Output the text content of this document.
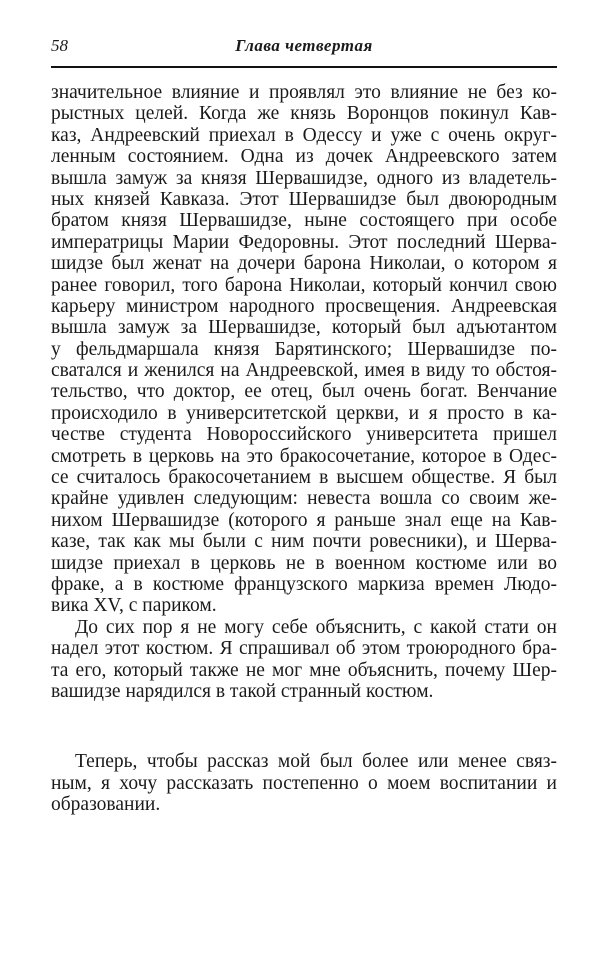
58	Глава четвертая
значительное влияние и проявлял это влияние не без ко-
рыстных целей. Когда же князь Воронцов покинул Кав-
каз, Андреевский приехал в Одессу и уже с очень округ-
ленным состоянием. Одна из дочек Андреевского затем
вышла замуж за князя Шервашидзе, одного из владетель-
ных князей Кавказа. Этот Шервашидзе был двоюродным
братом князя Шервашидзе, ныне состоящего при особе
императрицы Марии Федоровны. Этот последний Шерва-
шидзе был женат на дочери барона Николаи, о котором я
ранее говорил, того барона Николаи, который кончил свою
карьеру министром народного просвещения. Андреевская
вышла замуж за Шервашидзе, который был адъютантом
у фельдмаршала князя Барятинского; Шервашидзе по-
сватался и женился на Андреевской, имея в виду то обстоя-
тельство, что доктор, ее отец, был очень богат. Венчание
происходило в университетской церкви, и я просто в ка-
честве студента Новороссийского университета пришел
смотреть в церковь на это бракосочетание, которое в Одес-
се считалось бракосочетанием в высшем обществе. Я был
крайне удивлен следующим: невеста вошла со своим же-
нихом Шервашидзе (которого я раньше знал еще на Кав-
казе, так как мы были с ним почти ровесники), и Шерва-
шидзе приехал в церковь не в военном костюме или во
фраке, а в костюме французского маркиза времен Людо-
вика XV, с париком.
До сих пор я не могу себе объяснить, с какой стати он
надел этот костюм. Я спрашивал об этом троюродного бра-
та его, который также не мог мне объяснить, почему Шер-
вашидзе нарядился в такой странный костюм.
Теперь, чтобы рассказ мой был более или менее связ-
ным, я хочу рассказать постепенно о моем воспитании и
образовании.
